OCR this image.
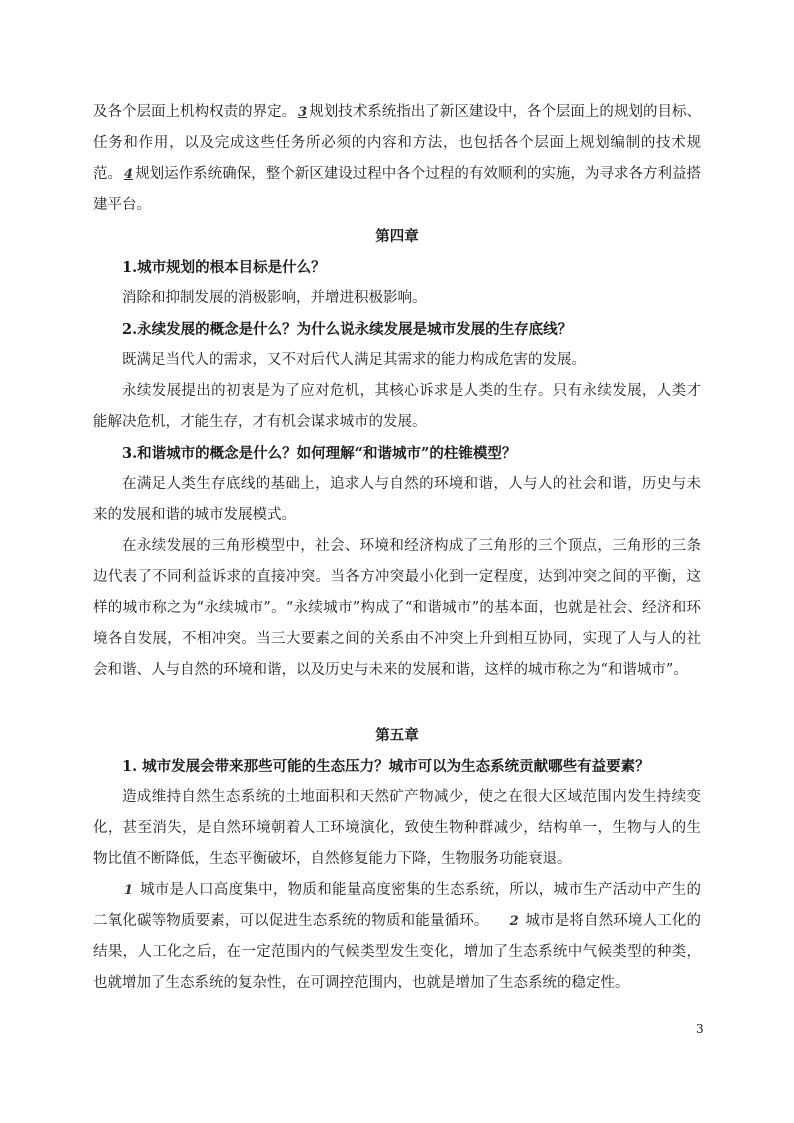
及各个层面上机构权责的界定。 3 规划技术系统指出了新区建设中，各个层面上的规划的目标、任务和作用，以及完成这些任务所必须的内容和方法，也包括各个层面上规划编制的技术规范。 4 规划运作系统确保，整个新区建设过程中各个过程的有效顺利的实施，为寻求各方利益搭建平台。

第四章

1.城市规划的根本目标是什么？

消除和抑制发展的消极影响，并增进积极影响。

2.永续发展的概念是什么？为什么说永续发展是城市发展的生存底线？

既满足当代人的需求，又不对后代人满足其需求的能力构成危害的发展。

永续发展提出的初衷是为了应对危机，其核心诉求是人类的生存。只有永续发展，人类才能解决危机，才能生存，才有机会谋求城市的发展。

3.和谐城市的概念是什么？如何理解“和谐城市”的柱锥模型？

在满足人类生存底线的基础上，追求人与自然的环境和谐，人与人的社会和谐，历史与未来的发展和谐的城市发展模式。

在永续发展的三角形模型中，社会、环境和经济构成了三角形的三个顶点，三角形的三条边代表了不同利益诉求的直接冲突。当各方冲突最小化到一定程度，达到冲突之间的平衡，这样的城市称之为“永续城市”。“永续城市”构成了“和谐城市”的基本面，也就是社会、经济和环境各自发展，不相冲突。当三大要素之间的关系由不冲突上升到相互协同，实现了人与人的社会和谐、人与自然的环境和谐，以及历史与未来的发展和谐，这样的城市称之为“和谐城市”。

第五章

1. 城市发展会带来那些可能的生态压力？城市可以为生态系统贡献哪些有益要素？

造成维持自然生态系统的土地面积和天然矿产物减少，使之在很大区域范围内发生持续变化，甚至消失，是自然环境朝着人工环境演化，致使生物种群减少，结构单一，生物与人的生物比值不断降低，生态平衡破坏，自然修复能力下降，生物服务功能衰退。

1 城市是人口高度集中，物质和能量高度密集的生态系统，所以，城市生产活动中产生的二氧化碳等物质要素，可以促进生态系统的物质和能量循环。 2 城市是将自然环境人工化的结果，人工化之后，在一定范围内的气候类型发生变化，增加了生态系统中气候类型的种类，也就增加了生态系统的复杂性，在可调控范围内，也就是增加了生态系统的稳定性。

3
